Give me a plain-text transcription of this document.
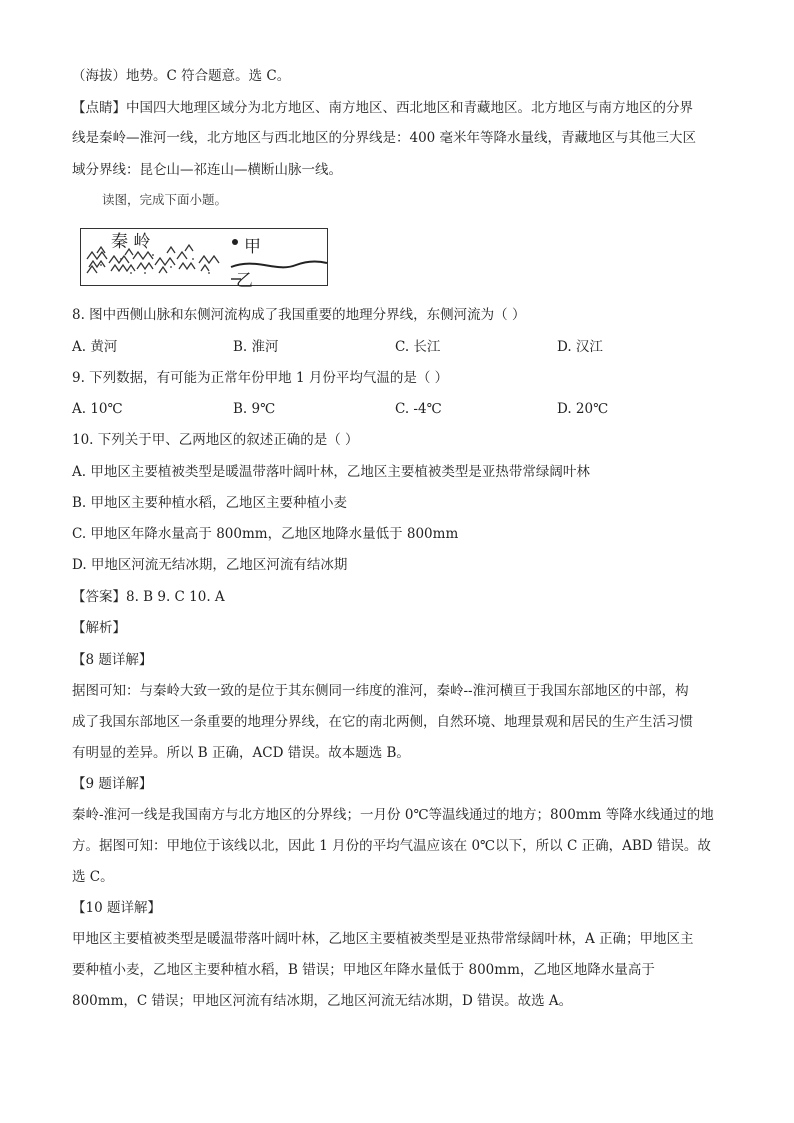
（海拔）地势。C 符合题意。选 C。
【点睛】中国四大地理区域分为北方地区、南方地区、西北地区和青藏地区。北方地区与南方地区的分界
线是秦岭—淮河一线，北方地区与西北地区的分界线是：400 毫米年等降水量线，青藏地区与其他三大区
读图，完成下面小题。
域分界线：昆仑山—祁连山—横断山脉一线。
秦 岭	甲
乙
8. 图中西侧山脉和东侧河流构成了我国重要的地理分界线，东侧河流为（ ）
A. 黄河	B. 淮河	C. 长江	D. 汉江
9. 下列数据，有可能为正常年份甲地 1 月份平均气温的是（ ）
A. 10℃	B. 9℃	C. -4℃	D. 20℃
10. 下列关于甲、乙两地区的叙述正确的是（ ）
A. 甲地区主要植被类型是暖温带落叶阔叶林，乙地区主要植被类型是亚热带常绿阔叶林
B. 甲地区主要种植水稻，乙地区主要种植小麦
C. 甲地区年降水量高于 800mm，乙地区地降水量低于 800mm
D. 甲地区河流无结冰期，乙地区河流有结冰期
【答案】8. B 9. C 10. A
【解析】
【8 题详解】
据图可知：与秦岭大致一致的是位于其东侧同一纬度的淮河，秦岭--淮河横亘于我国东部地区的中部，构
成了我国东部地区一条重要的地理分界线，在它的南北两侧，自然环境、地理景观和居民的生产生活习惯
有明显的差异。所以 B 正确，ACD 错误。故本题选 B。
【9 题详解】
秦岭-淮河一线是我国南方与北方地区的分界线；一月份 0℃等温线通过的地方；800mm 等降水线通过的地
方。据图可知：甲地位于该线以北，因此 1 月份的平均气温应该在 0℃以下，所以 C 正确，ABD 错误。故
选 C。
【10 题详解】
甲地区主要植被类型是暖温带落叶阔叶林，乙地区主要植被类型是亚热带常绿阔叶林，A 正确；甲地区主
要种植小麦，乙地区主要种植水稻，B 错误；甲地区年降水量低于 800mm，乙地区地降水量高于
800mm，C 错误；甲地区河流有结冰期，乙地区河流无结冰期，D 错误。故选 A。
